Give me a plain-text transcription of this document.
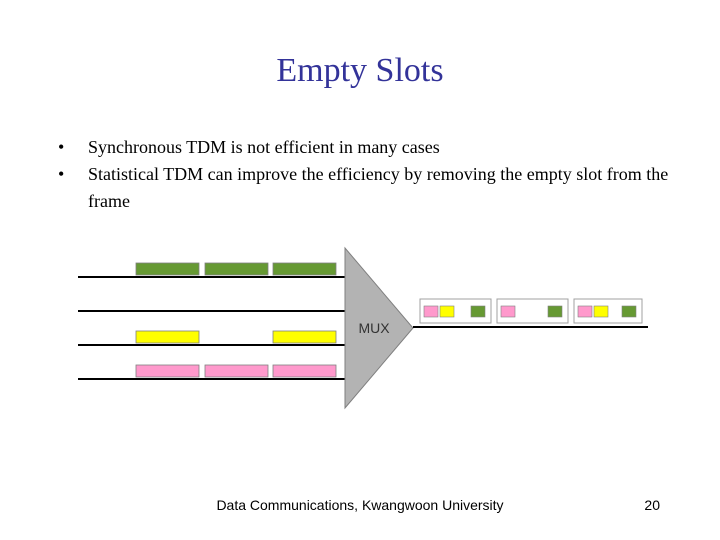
Empty Slots
• Synchronous TDM is not efficient in many cases
• Statistical TDM can improve the efficiency by removing the empty slot from the frame
MUX
Data Communications, Kwangwoon University	20
